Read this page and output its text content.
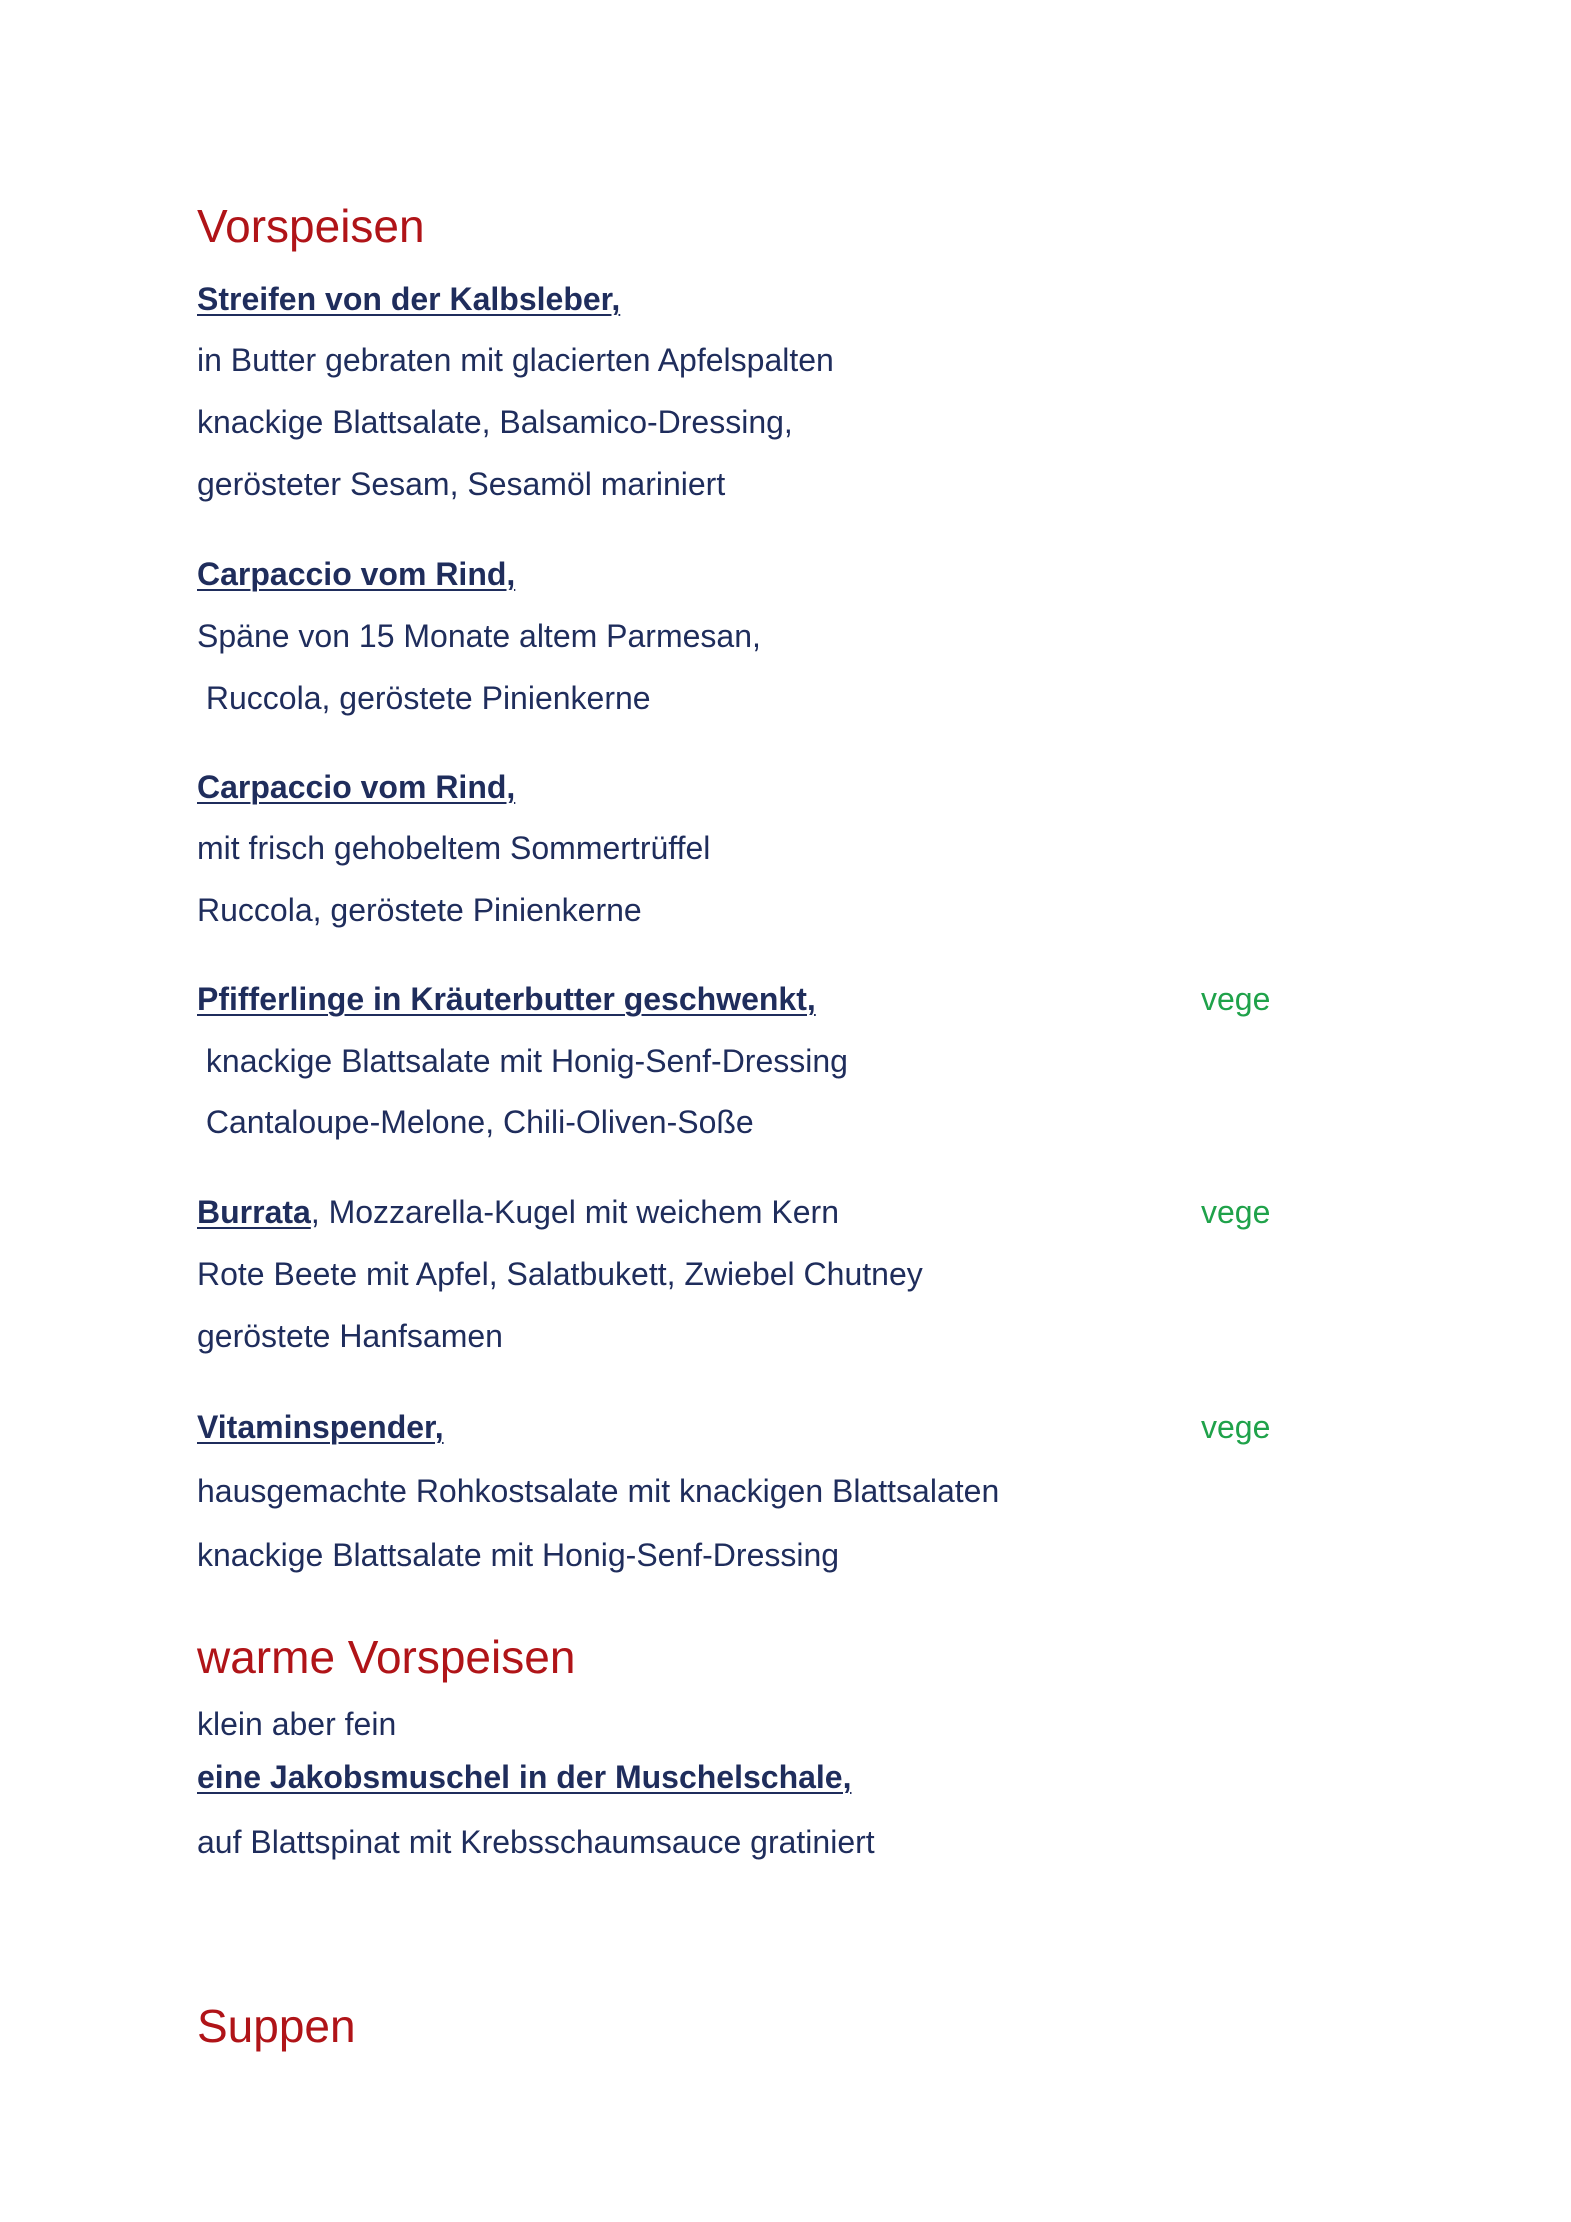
Vorspeisen
Streifen von der Kalbsleber,
in Butter gebraten mit glacierten Apfelspalten
knackige Blattsalate, Balsamico-Dressing,
gerösteter Sesam, Sesamöl mariniert
Carpaccio vom Rind,
Späne von 15 Monate altem Parmesan,
Ruccola, geröstete Pinienkerne
Carpaccio vom Rind,
mit frisch gehobeltem Sommertrüffel
Ruccola, geröstete Pinienkerne
Pfifferlinge in Kräuterbutter geschwenkt,	vege
knackige Blattsalate mit Honig-Senf-Dressing
Cantaloupe-Melone, Chili-Oliven-Soße
Burrata, Mozzarella-Kugel mit weichem Kern	vege
Rote Beete mit Apfel, Salatbukett, Zwiebel Chutney
geröstete Hanfsamen
Vitaminspender,	vege
hausgemachte Rohkostsalate mit knackigen Blattsalaten
knackige Blattsalate mit Honig-Senf-Dressing
warme Vorspeisen
klein aber fein
eine Jakobsmuschel in der Muschelschale,
auf Blattspinat mit Krebsschaumsauce gratiniert
Suppen
